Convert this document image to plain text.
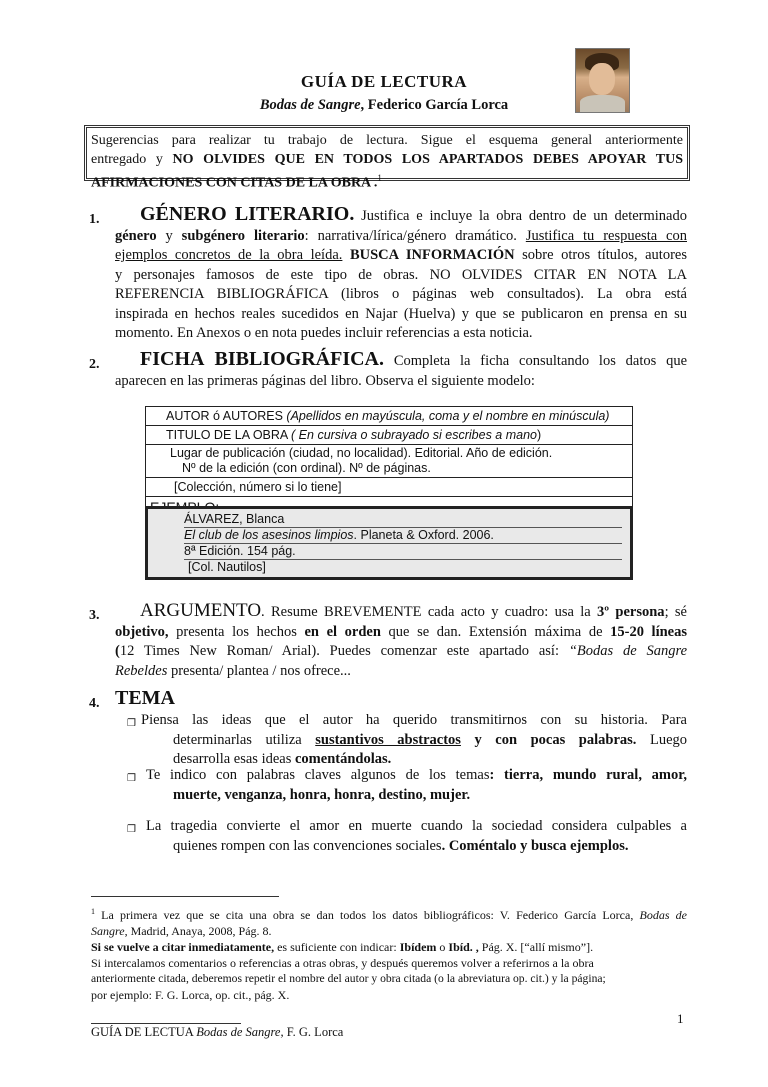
GUÍA DE LECTURA
Bodas de Sangre, Federico García Lorca
Sugerencias para realizar tu trabajo de lectura. Sigue el esquema general anteriormente
entregado y NO OLVIDES QUE EN TODOS LOS APARTADOS DEBES APOYAR TUS
AFIRMACIONES CON CITAS DE LA OBRA .$^1$
1.	GÉNERO LITERARIO. Justifica e incluye la obra dentro de un determinado
género y subgénero literario: narrativa/lírica/género dramático. Justifica tu respuesta con
ejemplos concretos de la obra leída. BUSCA INFORMACIÓN sobre otros títulos, autores
y personajes famosos de este tipo de obras. NO OLVIDES CITAR EN NOTA LA
REFERENCIA BIBLIOGRÁFICA (libros o páginas web consultados). La obra está
inspirada en hechos reales sucedidos en Najar (Huelva) y que se publicaron en prensa en su
momento. En Anexos o en nota puedes incluir referencias a esta noticia.
2.	FICHA BIBLIOGRÁFICA. Completa la ficha consultando los datos que
aparecen en las primeras páginas del libro. Observa el siguiente modelo:
AUTOR ó AUTORES (Apellidos en mayúscula, coma y el nombre en minúscula)
TITULO DE LA OBRA ( En cursiva o subrayado si escribes a mano)
Lugar de publicación (ciudad, no localidad). Editorial. Año de edición.
Nº de la edición (con ordinal). Nº de páginas.
[Colección, número si lo tiene]
ÁLVAREZ, Blanca
El club de los asesinos limpios. Planeta & Oxford. 2006.
8ª Edición. 154 pág.
[Col. Nautilos]
3.	ARGUMENTO. Resume BREVEMENTE cada acto y cuadro: usa la 3º persona; sé
objetivo, presenta los hechos en el orden que se dan. Extensión máxima de 15-20 líneas
(12 Times New Roman/ Arial). Puedes comenzar este apartado así: “Bodas de Sangre
Rebeldes presenta/ plantea / nos ofrece...
4. TEMA
❒ Piensa las ideas que el autor ha querido transmitirnos con su historia. Para
determinarlas utiliza sustantivos abstractos y con pocas palabras. Luego
desarrolla esas ideas comentándolas.
❒ Te indico con palabras claves algunos de los temas: tierra, mundo rural, amor,
muerte, venganza, honra, honra, destino, mujer.
❒ La tragedia convierte el amor en muerte cuando la sociedad considera culpables a
quienes rompen con las convenciones sociales. Coméntalo y busca ejemplos.
$^1$ La primera vez que se cita una obra se dan todos los datos bibliográficos: V. Federico García Lorca, Bodas de
Sangre, Madrid, Anaya, 2008, Pág. 8.
Si se vuelve a citar inmediatamente, es suficiente con indicar: Ibídem o Ibíd. , Pág. X. [“allí mismo”].
Si intercalamos comentarios o referencias a otras obras, y después queremos volver a referirnos a la obra
anteriormente citada, deberemos repetir el nombre del autor y obra citada (o la abreviatura op. cit.) y la página;
por ejemplo: F. G. Lorca, op. cit., pág. X.
1
GUÍA DE LECTUA Bodas de Sangre, F. G. Lorca
